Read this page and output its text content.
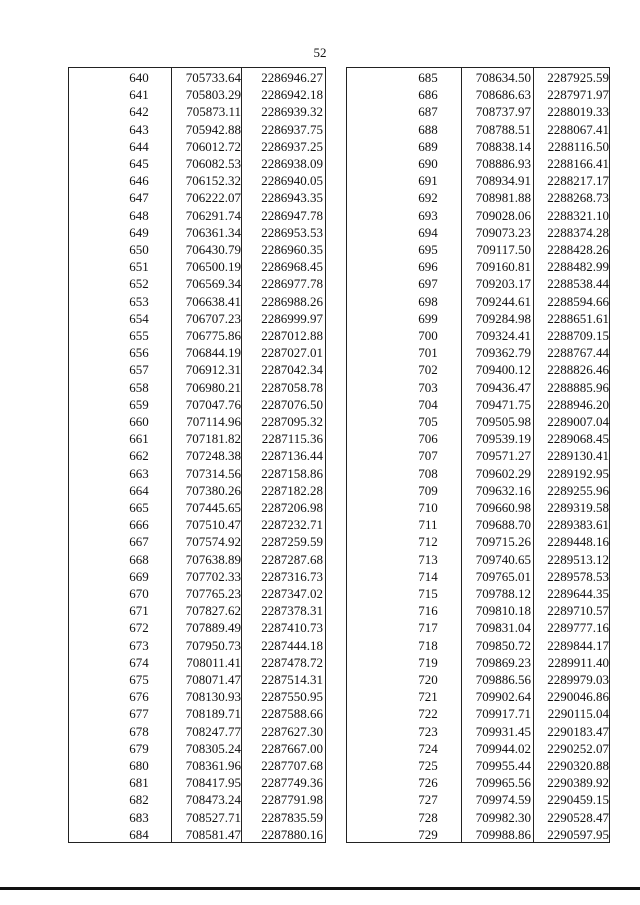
52
640	705733.64	2286946.27
641	705803.29	2286942.18
642	705873.11	2286939.32
643	705942.88	2286937.75
644	706012.72	2286937.25
645	706082.53	2286938.09
646	706152.32	2286940.05
647	706222.07	2286943.35
648	706291.74	2286947.78
649	706361.34	2286953.53
650	706430.79	2286960.35
651	706500.19	2286968.45
652	706569.34	2286977.78
653	706638.41	2286988.26
654	706707.23	2286999.97
655	706775.86	2287012.88
656	706844.19	2287027.01
657	706912.31	2287042.34
658	706980.21	2287058.78
659	707047.76	2287076.50
660	707114.96	2287095.32
661	707181.82	2287115.36
662	707248.38	2287136.44
663	707314.56	2287158.86
664	707380.26	2287182.28
665	707445.65	2287206.98
666	707510.47	2287232.71
667	707574.92	2287259.59
668	707638.89	2287287.68
669	707702.33	2287316.73
670	707765.23	2287347.02
671	707827.62	2287378.31
672	707889.49	2287410.73
673	707950.73	2287444.18
674	708011.41	2287478.72
675	708071.47	2287514.31
676	708130.93	2287550.95
677	708189.71	2287588.66
678	708247.77	2287627.30
679	708305.24	2287667.00
680	708361.96	2287707.68
681	708417.95	2287749.36
682	708473.24	2287791.98
683	708527.71	2287835.59
684	708581.47	2287880.16
685	708634.50	2287925.59
686	708686.63	2287971.97
687	708737.97	2288019.33
688	708788.51	2288067.41
689	708838.14	2288116.50
690	708886.93	2288166.41
691	708934.91	2288217.17
692	708981.88	2288268.73
693	709028.06	2288321.10
694	709073.23	2288374.28
695	709117.50	2288428.26
696	709160.81	2288482.99
697	709203.17	2288538.44
698	709244.61	2288594.66
699	709284.98	2288651.61
700	709324.41	2288709.15
701	709362.79	2288767.44
702	709400.12	2288826.46
703	709436.47	2288885.96
704	709471.75	2288946.20
705	709505.98	2289007.04
706	709539.19	2289068.45
707	709571.27	2289130.41
708	709602.29	2289192.95
709	709632.16	2289255.96
710	709660.98	2289319.58
711	709688.70	2289383.61
712	709715.26	2289448.16
713	709740.65	2289513.12
714	709765.01	2289578.53
715	709788.12	2289644.35
716	709810.18	2289710.57
717	709831.04	2289777.16
718	709850.72	2289844.17
719	709869.23	2289911.40
720	709886.56	2289979.03
721	709902.64	2290046.86
722	709917.71	2290115.04
723	709931.45	2290183.47
724	709944.02	2290252.07
725	709955.44	2290320.88
726	709965.56	2290389.92
727	709974.59	2290459.15
728	709982.30	2290528.47
729	709988.86	2290597.95
